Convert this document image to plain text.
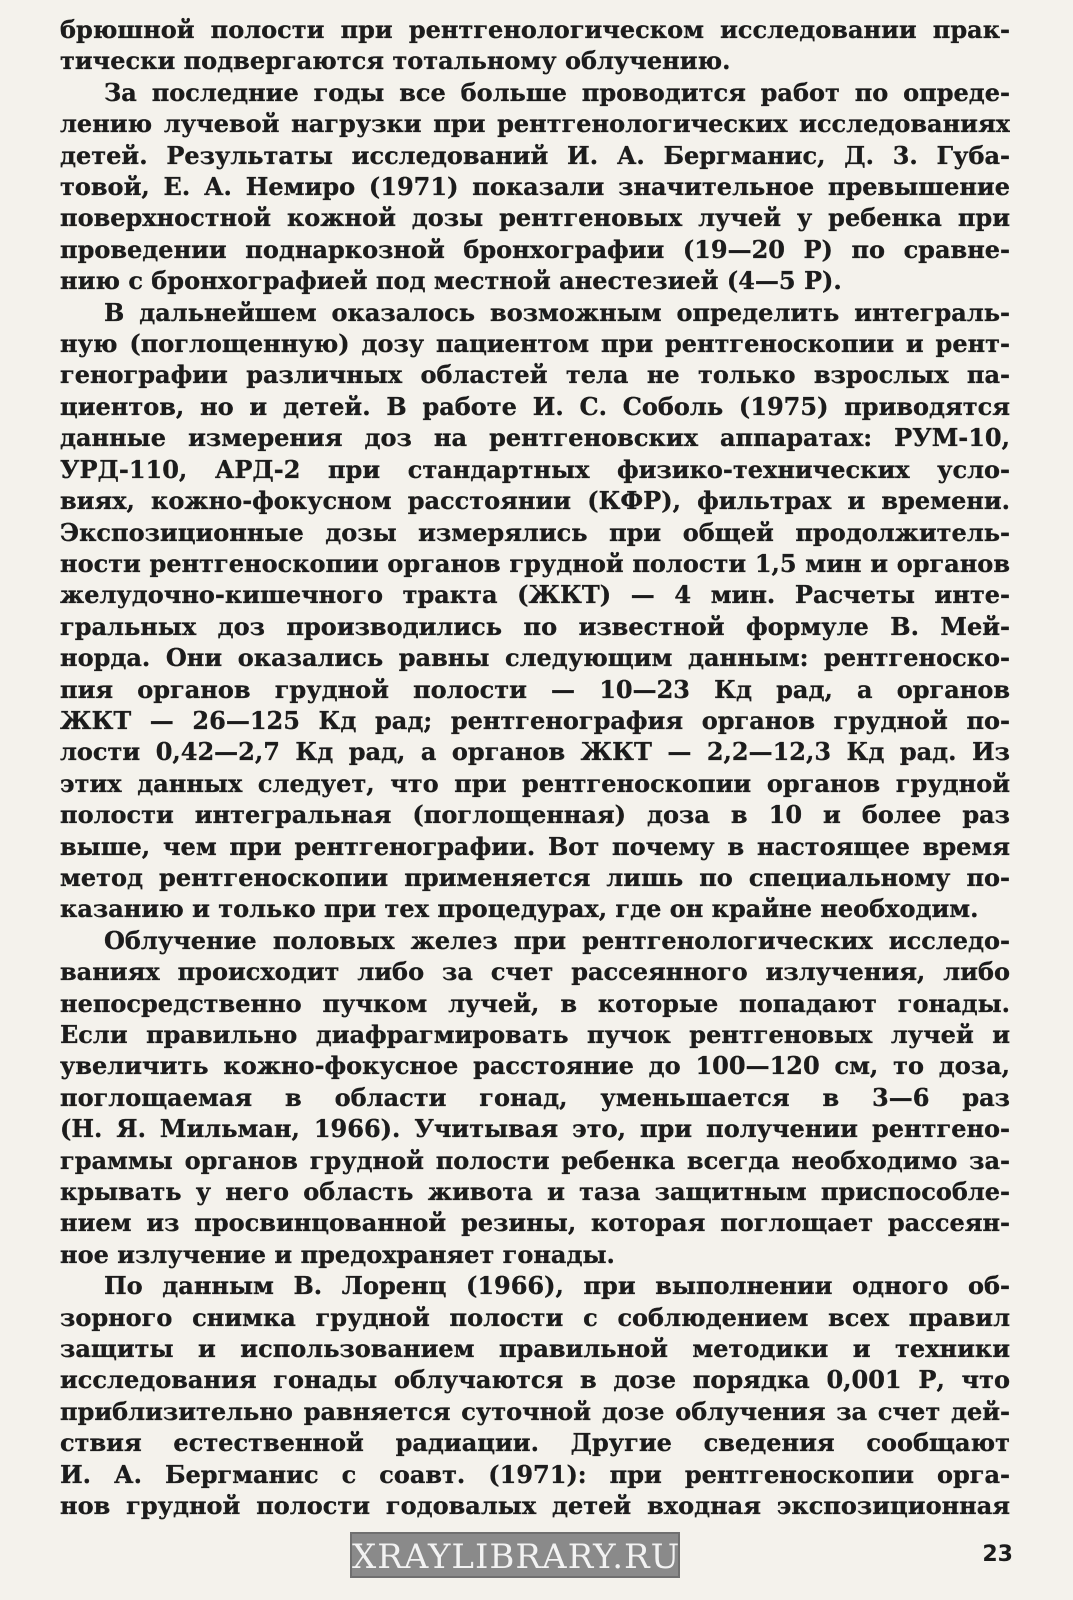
брюшной полости при рентгенологическом исследовании прак-
тически подвергаются тотальному облучению.
За последние годы все больше проводится работ по опреде-
лению лучевой нагрузки при рентгенологических исследованиях
детей. Результаты исследований И. А. Бергманис, Д. 3. Губа-
товой, Е. А. Немиро (1971) показали значительное превышение
поверхностной кожной дозы рентгеновых лучей у ребенка при
проведении поднаркозной бронхографии (19—20 Р) по сравне-
нию с бронхографией под местной анестезией (4—5 Р).
В дальнейшем оказалось возможным определить интеграль-
ную (поглощенную) дозу пациентом при рентгеноскопии и рент-
генографии различных областей тела не только взрослых па-
циентов, но и детей. В работе И. С. Соболь (1975) приводятся
данные измерения доз на рентгеновских аппаратах: РУМ-10,
УРД-110, АРД-2 при стандартных физико-технических усло-
виях, кожно-фокусном расстоянии (КФР), фильтрах и времени.
Экспозиционные дозы измерялись при общей продолжитель-
ности рентгеноскопии органов грудной полости 1,5 мин и органов
желудочно-кишечного тракта (ЖКТ) — 4 мин. Расчеты инте-
гральных доз производились по известной формуле В. Мей-
норда. Они оказались равны следующим данным: рентгеноско-
пия органов грудной полости — 10—23 Кд рад, а органов
ЖКТ — 26—125 Кд рад; рентгенография органов грудной по-
лости 0,42—2,7 Кд рад, а органов ЖКТ — 2,2—12,3 Кд рад. Из
этих данных следует, что при рентгеноскопии органов грудной
полости интегральная (поглощенная) доза в 10 и более раз
выше, чем при рентгенографии. Вот почему в настоящее время
метод рентгеноскопии применяется лишь по специальному по-
казанию и только при тех процедурах, где он крайне необходим.
Облучение половых желез при рентгенологических исследо-
ваниях происходит либо за счет рассеянного излучения, либо
непосредственно пучком лучей, в которые попадают гонады.
Если правильно диафрагмировать пучок рентгеновых лучей и
увеличить кожно-фокусное расстояние до 100—120 см, то доза,
поглощаемая в области гонад, уменьшается в 3—6 раз
(Н. Я. Мильман, 1966). Учитывая это, при получении рентгено-
граммы органов грудной полости ребенка всегда необходимо за-
крывать у него область живота и таза защитным приспособле-
нием из просвинцованной резины, которая поглощает рассеян-
ное излучение и предохраняет гонады.
По данным В. Лоренц (1966), при выполнении одного об-
зорного снимка грудной полости с соблюдением всех правил
защиты и использованием правильной методики и техники
исследования гонады облучаются в дозе порядка 0,001 Р, что
приблизительно равняется суточной дозе облучения за счет дей-
ствия естественной радиации. Другие сведения сообщают
И. А. Бергманис с соавт. (1971): при рентгеноскопии орга-
нов грудной полости годовалых детей входная экспозиционная
XRAYLIBRARY.RU	23
